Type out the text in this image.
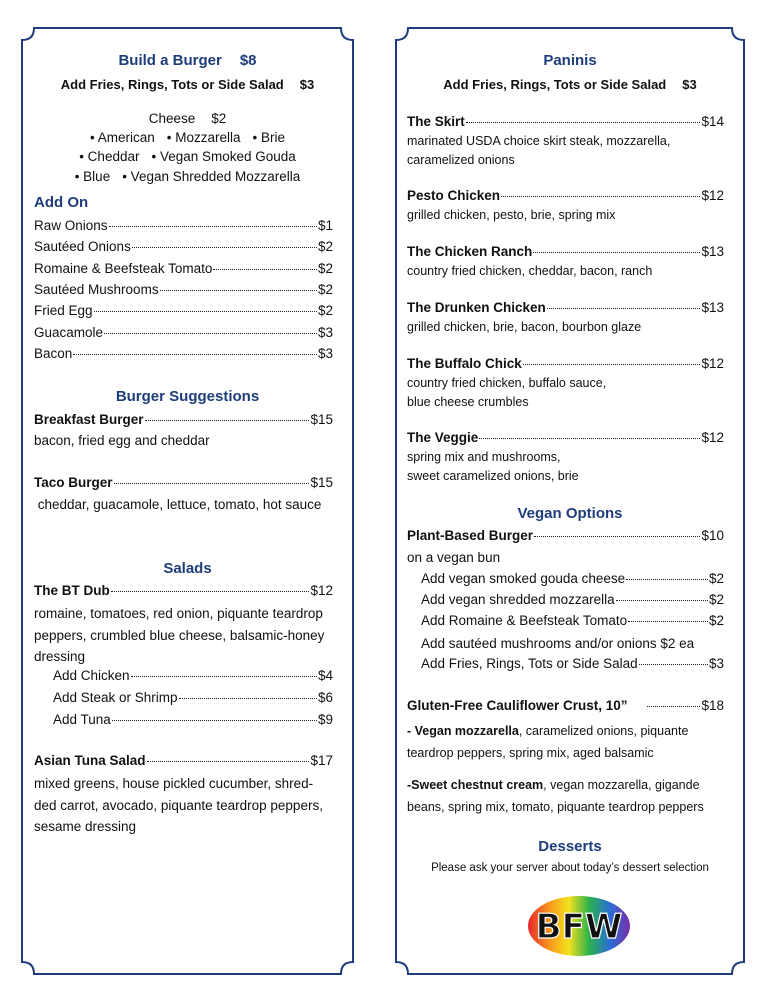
Build a Burger $8
Add Fries, Rings, Tots or Side Salad $3
Cheese $2
• American • Mozzarella • Brie
• Cheddar • Vegan Smoked Gouda
• Blue • Vegan Shredded Mozzarella
Add On
Raw Onions	$1
Sautéed Onions	$2
Romaine & Beefsteak Tomato	$2
Sautéed Mushrooms	$2
Fried Egg	$2
Guacamole	$3
Bacon	$3
Burger Suggestions
Breakfast Burger	$15
bacon, fried egg and cheddar
Taco Burger	$15
cheddar, guacamole, lettuce, tomato, hot sauce
Salads
The BT Dub	$12
romaine, tomatoes, red onion, piquante teardrop
peppers, crumbled blue cheese, balsamic-honey
dressing
Add Chicken	$4
Add Steak or Shrimp	$6
Add Tuna	$9
Asian Tuna Salad	$17
mixed greens, house pickled cucumber, shred-
ded carrot, avocado, piquante teardrop peppers,
sesame dressing
Paninis
Add Fries, Rings, Tots or Side Salad $3
The Skirt	$14
marinated USDA choice skirt steak, mozzarella,
caramelized onions
Pesto Chicken	$12
grilled chicken, pesto, brie, spring mix
The Chicken Ranch	$13
country fried chicken, cheddar, bacon, ranch
The Drunken Chicken	$13
grilled chicken, brie, bacon, bourbon glaze
The Buffalo Chick	$12
country fried chicken, buffalo sauce,
blue cheese crumbles
The Veggie	$12
spring mix and mushrooms,
sweet caramelized onions, brie
Vegan Options
Plant-Based Burger	$10
on a vegan bun
Add vegan smoked gouda cheese	$2
Add vegan shredded mozzarella	$2
Add Romaine & Beefsteak Tomato	$2
Add sautéed mushrooms and/or onions $2 ea
Add Fries, Rings, Tots or Side Salad	$3
Gluten-Free Cauliflower Crust, 10”	$18
- Vegan mozzarella, caramelized onions, piquante
teardrop peppers, spring mix, aged balsamic
-Sweet chestnut cream, vegan mozzarella, gigande
beans, spring mix, tomato, piquante teardrop peppers
Desserts
Please ask your server about today’s dessert selection
BFW
